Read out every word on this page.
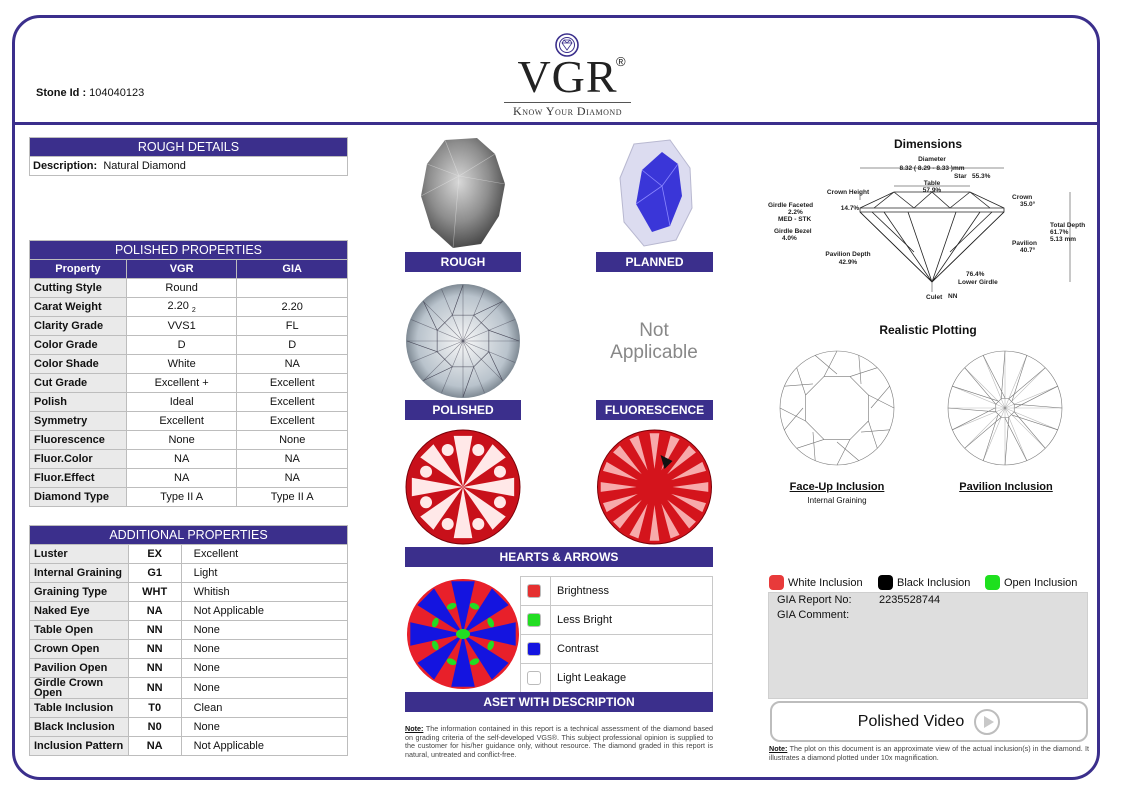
Stone Id : 104040123	VGR
®
Know Your Diamond
ROUGH DETAILS
Description: Natural Diamond
POLISHED PROPERTIES		
Property	VGR	GIA
Cutting Style	Round	
Carat Weight	2.20 $_2$	2.20
Clarity Grade	VVS1	FL
Color Grade	D	D
Color Shade	White	NA
Cut Grade	Excellent +	Excellent
Polish	Ideal	Excellent
Symmetry	Excellent	Excellent
Fluorescence	None	None
Fluor.Color	NA	NA
Fluor.Effect	NA	NA
Diamond Type	Type II A	Type II A
ADDITIONAL PROPERTIES		
Luster	EX	Excellent
Internal Graining	G1	Light
Graining Type	WHT	Whitish
Naked Eye	NA	Not Applicable
Table Open	NN	None
Crown Open	NN	None
Pavilion Open	NN	None
Girdle Crown Open	NN	None
Table Inclusion	T0	Clean
Black Inclusion	N0	None
Inclusion Pattern	NA	Not Applicable
ROUGH	PLANNED
POLISHED
Not
Applicable
FLUORESCENCE
HEARTS & ARROWS
	Brightness
	Less Bright
	Contrast
	Light Leakage
ASET WITH DESCRIPTION
Note: The information contained in this report is a technical assessment of the diamond based on grading criteria of the self-developed VGS®. This subject professional opinion is supplied to the customer for his/her guidance only, without resource. The diamond graded in this report is natural, untreated and conflict-free.
Dimensions
Diameter
8.32 ( 8.29 - 8.33 )mm
Star 55.3%
Table
57.9%
Crown Height
14.7%
Crown
35.0°
Girdle Faceted
2.2%
MED - STK
Girdle Bezel
4.0%
Total Depth
61.7%
5.13 mm
Pavilion
40.7°
Pavilion Depth
42.9%
76.4%
Lower Girdle
Culet NN
Realistic Plotting
Face-Up Inclusion
Internal Graining
Pavilion Inclusion
White Inclusion	Black Inclusion	Open Inclusion
GIA Report No:	2235528744
GIA Comment:
Polished Video
Note: The plot on this document is an approximate view of the actual inclusion(s) in the diamond. It illustrates a diamond plotted under 10x magnification.
